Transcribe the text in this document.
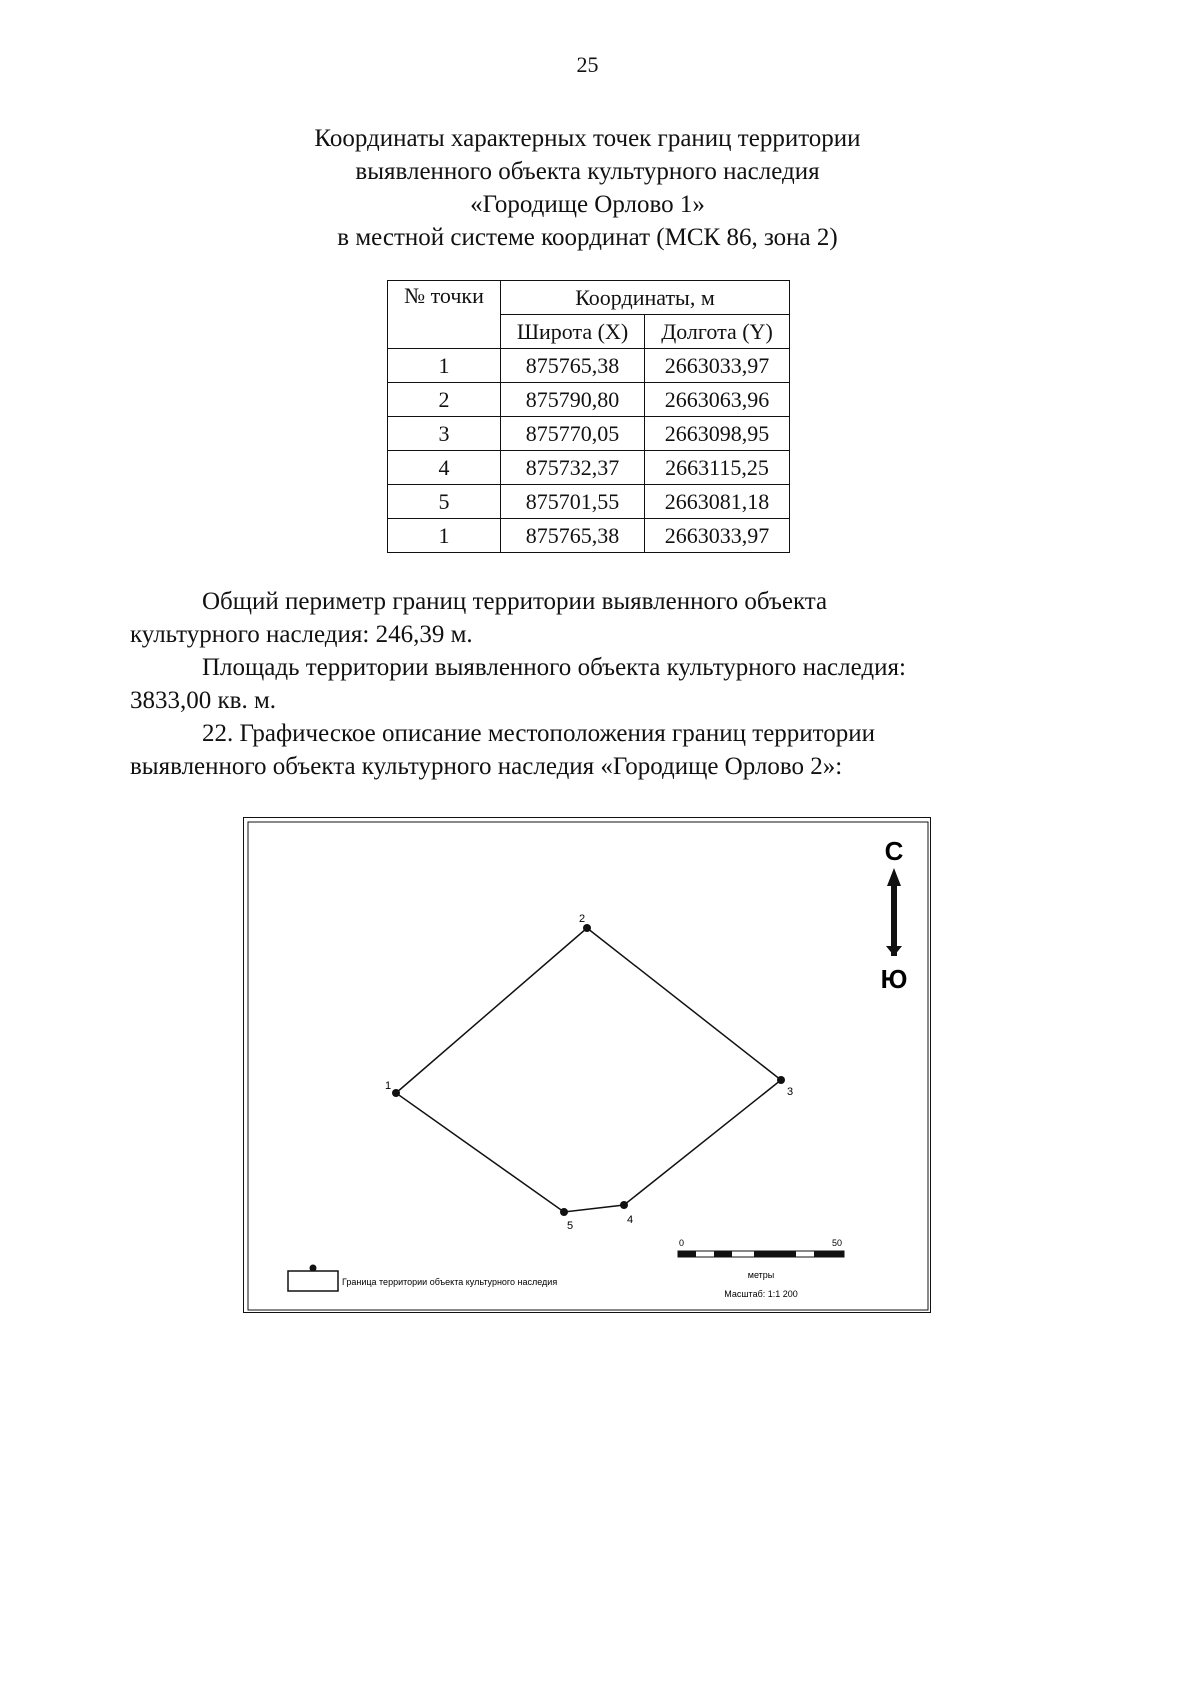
25
Координаты характерных точек границ территории
выявленного объекта культурного наследия
«Городище Орлово 1»
в местной системе координат (МСК 86, зона 2)
№ точки	Координаты, м	
	Широта (X)	Долгота (Y)
1	875765,38	2663033,97
2	875790,80	2663063,96
3	875770,05	2663098,95
4	875732,37	2663115,25
5	875701,55	2663081,18
1	875765,38	2663033,97
Общий периметр границ территории выявленного объекта
культурного наследия: 246,39 м.
Площадь территории выявленного объекта культурного наследия:
3833,00 кв. м.
22. Графическое описание местоположения границ территории
выявленного объекта культурного наследия «Городище Орлово 2»:
1
2
3
4
5
С
Ю
Граница территории объекта культурного наследия
0	50
метры
Масштаб: 1:1 200
